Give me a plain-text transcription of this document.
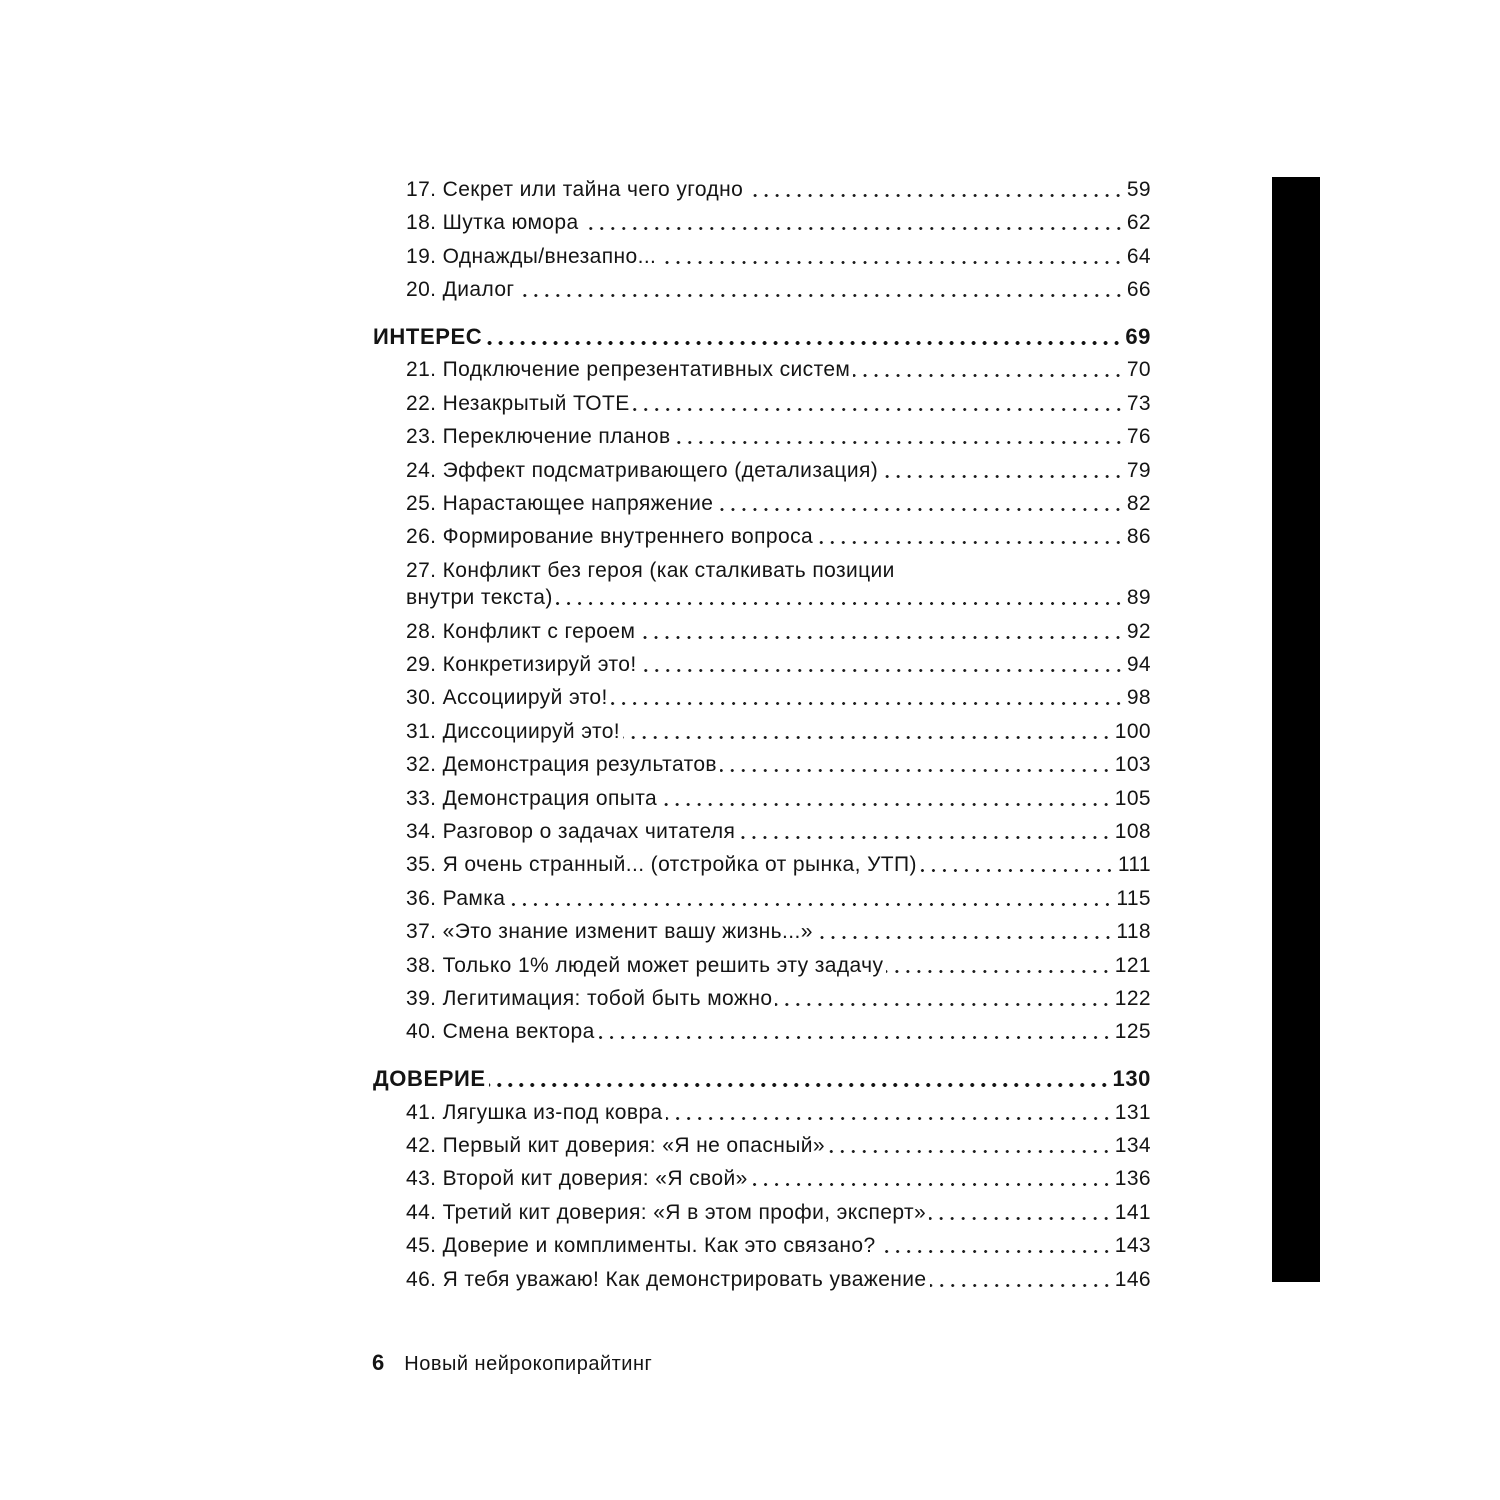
17. Секрет или тайна чего угодно	59
18. Шутка юмора	62
19. Однажды/внезапно...	64
20. Диалог	66
ИНТЕРЕС	69
21. Подключение репрезентативных систем	70
22. Незакрытый ТОТЕ	73
23. Переключение планов	76
24. Эффект подсматривающего (детализация)	79
25. Нарастающее напряжение	82
26. Формирование внутреннего вопроса	86
27. Конфликт без героя (как сталкивать позиции
внутри текста)	89
28. Конфликт с героем	92
29. Конкретизируй это!	94
30. Ассоциируй это!	98
31. Диссоциируй это!	100
32. Демонстрация результатов	103
33. Демонстрация опыта	105
34. Разговор о задачах читателя	108
35. Я очень странный... (отстройка от рынка, УТП)	111
36. Рамка	115
37. «Это знание изменит вашу жизнь...»	118
38. Только 1% людей может решить эту задачу	121
39. Легитимация: тобой быть можно	122
40. Смена вектора	125
ДОВЕРИЕ	130
41. Лягушка из-под ковра	131
42. Первый кит доверия: «Я не опасный»	134
43. Второй кит доверия: «Я свой»	136
44. Третий кит доверия: «Я в этом профи, эксперт»	141
45. Доверие и комплименты. Как это связано?	143
46. Я тебя уважаю! Как демонстрировать уважение	146
6 Новый нейрокопирайтинг
